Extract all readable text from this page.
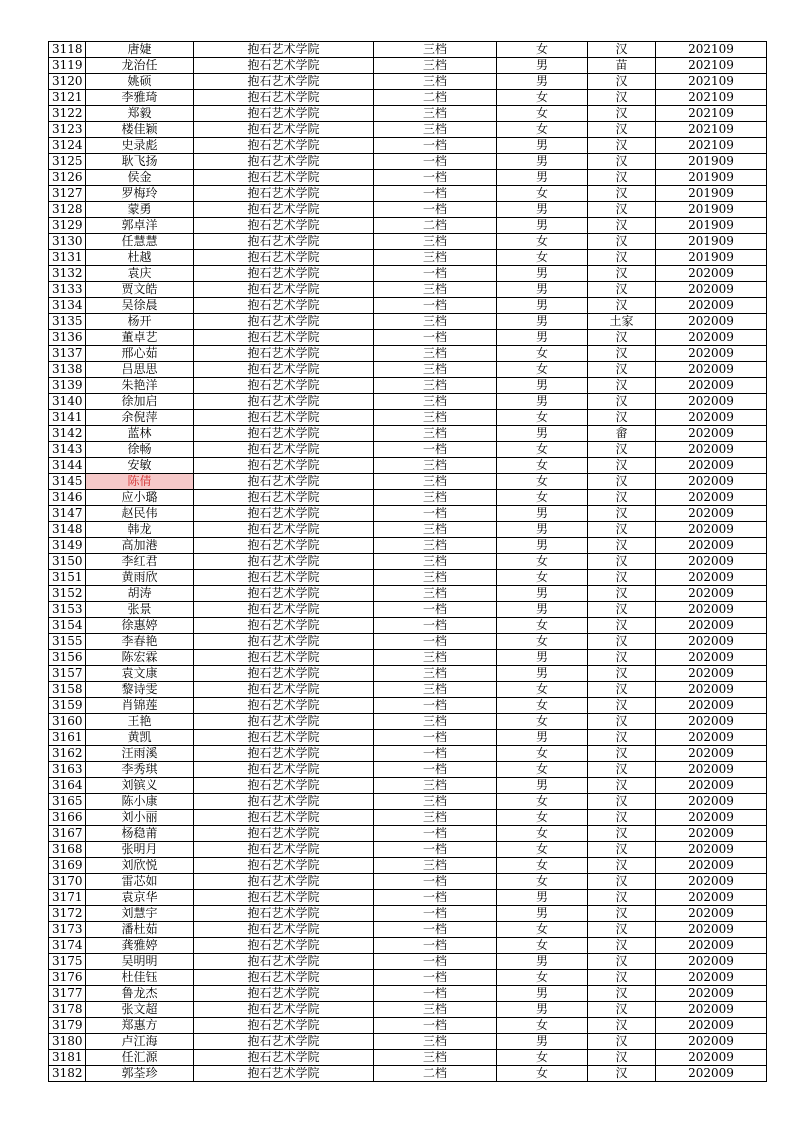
3118	唐婕	抱石艺术学院	三档	女	汉	202109
3119	龙治任	抱石艺术学院	三档	男	苗	202109
3120	姚硕	抱石艺术学院	三档	男	汉	202109
3121	李雅琦	抱石艺术学院	二档	女	汉	202109
3122	郑毅	抱石艺术学院	三档	女	汉	202109
3123	楼佳颖	抱石艺术学院	三档	女	汉	202109
3124	史录彪	抱石艺术学院	一档	男	汉	202109
3125	耿飞扬	抱石艺术学院	一档	男	汉	201909
3126	侯金	抱石艺术学院	一档	男	汉	201909
3127	罗梅玲	抱石艺术学院	一档	女	汉	201909
3128	蒙勇	抱石艺术学院	一档	男	汉	201909
3129	郭卓洋	抱石艺术学院	二档	男	汉	201909
3130	任慧慧	抱石艺术学院	三档	女	汉	201909
3131	杜越	抱石艺术学院	三档	女	汉	201909
3132	袁庆	抱石艺术学院	一档	男	汉	202009
3133	贾文皓	抱石艺术学院	三档	男	汉	202009
3134	吴徐晨	抱石艺术学院	一档	男	汉	202009
3135	杨开	抱石艺术学院	三档	男	土家	202009
3136	董卓艺	抱石艺术学院	一档	男	汉	202009
3137	邢心茹	抱石艺术学院	三档	女	汉	202009
3138	吕思思	抱石艺术学院	三档	女	汉	202009
3139	朱艳洋	抱石艺术学院	三档	男	汉	202009
3140	徐加启	抱石艺术学院	三档	男	汉	202009
3141	余倪萍	抱石艺术学院	三档	女	汉	202009
3142	蓝林	抱石艺术学院	三档	男	畲	202009
3143	徐畅	抱石艺术学院	一档	女	汉	202009
3144	安敏	抱石艺术学院	三档	女	汉	202009
3145	陈倩	抱石艺术学院	三档	女	汉	202009
3146	应小璐	抱石艺术学院	三档	女	汉	202009
3147	赵民伟	抱石艺术学院	一档	男	汉	202009
3148	韩龙	抱石艺术学院	三档	男	汉	202009
3149	高加港	抱石艺术学院	三档	男	汉	202009
3150	李红君	抱石艺术学院	三档	女	汉	202009
3151	黄雨欣	抱石艺术学院	三档	女	汉	202009
3152	胡涛	抱石艺术学院	三档	男	汉	202009
3153	张景	抱石艺术学院	一档	男	汉	202009
3154	徐惠婷	抱石艺术学院	一档	女	汉	202009
3155	李春艳	抱石艺术学院	一档	女	汉	202009
3156	陈宏霖	抱石艺术学院	三档	男	汉	202009
3157	袁文康	抱石艺术学院	三档	男	汉	202009
3158	黎诗雯	抱石艺术学院	三档	女	汉	202009
3159	肖锦莲	抱石艺术学院	一档	女	汉	202009
3160	王艳	抱石艺术学院	三档	女	汉	202009
3161	黄凯	抱石艺术学院	一档	男	汉	202009
3162	汪雨溪	抱石艺术学院	一档	女	汉	202009
3163	李秀琪	抱石艺术学院	一档	女	汉	202009
3164	刘镔义	抱石艺术学院	三档	男	汉	202009
3165	陈小康	抱石艺术学院	三档	女	汉	202009
3166	刘小丽	抱石艺术学院	三档	女	汉	202009
3167	杨稳莆	抱石艺术学院	一档	女	汉	202009
3168	张明月	抱石艺术学院	一档	女	汉	202009
3169	刘欣悦	抱石艺术学院	三档	女	汉	202009
3170	雷芯如	抱石艺术学院	一档	女	汉	202009
3171	袁京华	抱石艺术学院	一档	男	汉	202009
3172	刘慧宇	抱石艺术学院	一档	男	汉	202009
3173	潘杜茹	抱石艺术学院	一档	女	汉	202009
3174	龚雅婷	抱石艺术学院	一档	女	汉	202009
3175	吴明明	抱石艺术学院	一档	男	汉	202009
3176	杜佳钰	抱石艺术学院	一档	女	汉	202009
3177	鲁龙杰	抱石艺术学院	一档	男	汉	202009
3178	张文超	抱石艺术学院	三档	男	汉	202009
3179	郑惠方	抱石艺术学院	一档	女	汉	202009
3180	卢江海	抱石艺术学院	三档	男	汉	202009
3181	任汇源	抱石艺术学院	三档	女	汉	202009
3182	郭荃珍	抱石艺术学院	二档	女	汉	202009
